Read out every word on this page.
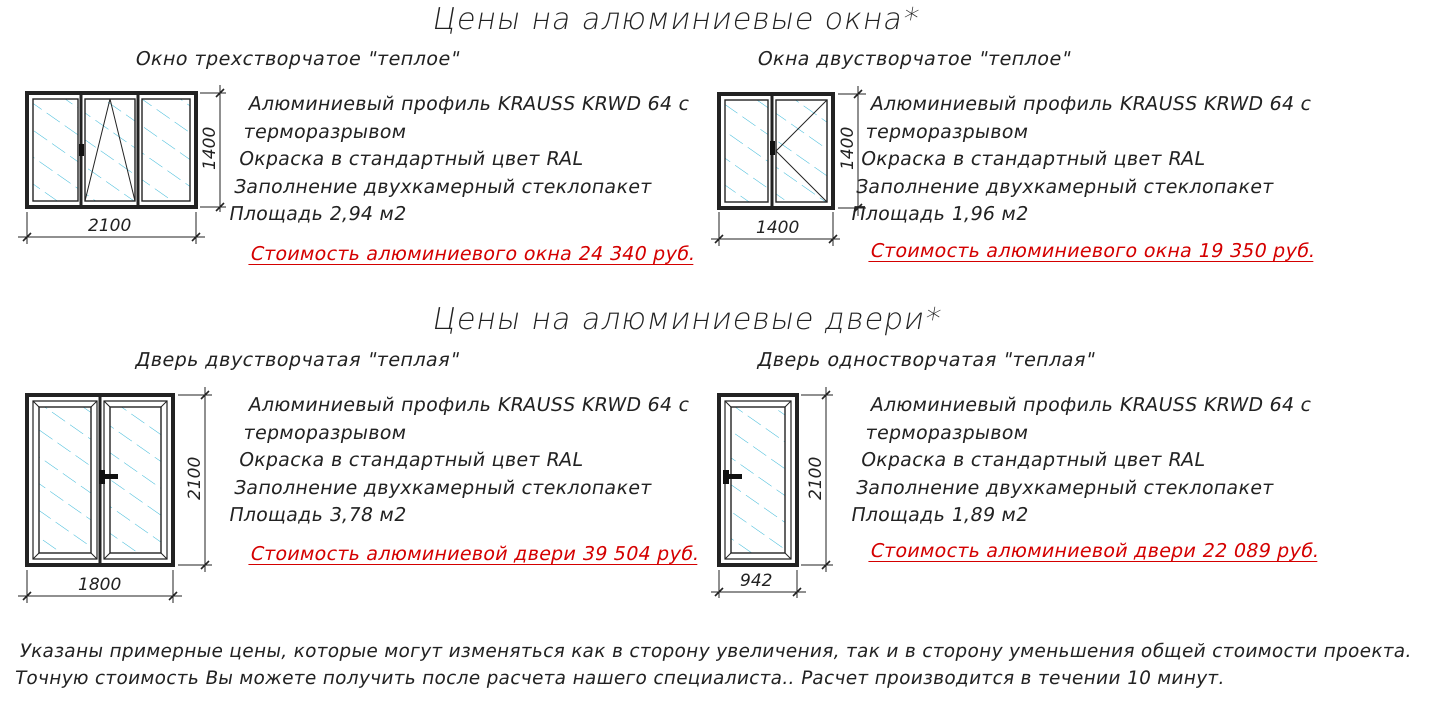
Цены на алюминиевые окна*
Окно трехстворчатое "теплое"
2100
1400
Алюминиевый профиль KRAUSS KRWD 64 с
терморазрывом
Окраска в стандартный цвет RAL
Заполнение двухкамерный стеклопакет
Площадь 2,94 м2
Стоимость алюминиевого окна 24 340 руб.
Окна двустворчатое "теплое"
1400
1400
Алюминиевый профиль KRAUSS KRWD 64 с
терморазрывом
Окраска в стандартный цвет RAL
Заполнение двухкамерный стеклопакет
Площадь 1,96 м2
Стоимость алюминиевого окна 19 350 руб.
Цены на алюминиевые двери*
Дверь двустворчатая "теплая"
1800
2100
Алюминиевый профиль KRAUSS KRWD 64 с
терморазрывом
Окраска в стандартный цвет RAL
Заполнение двухкамерный стеклопакет
Площадь 3,78 м2
Стоимость алюминиевой двери 39 504 руб.
Дверь одностворчатая "теплая"
942
2100
Алюминиевый профиль KRAUSS KRWD 64 с
терморазрывом
Окраска в стандартный цвет RAL
Заполнение двухкамерный стеклопакет
Площадь 1,89 м2
Стоимость алюминиевой двери 22 089 руб.
Указаны примерные цены, которые могут изменяться как в сторону увеличения, так и в сторону уменьшения общей стоимости проекта.
Точную стоимость Вы можете получить после расчета нашего специалиста.. Расчет производится в течении 10 минут.
